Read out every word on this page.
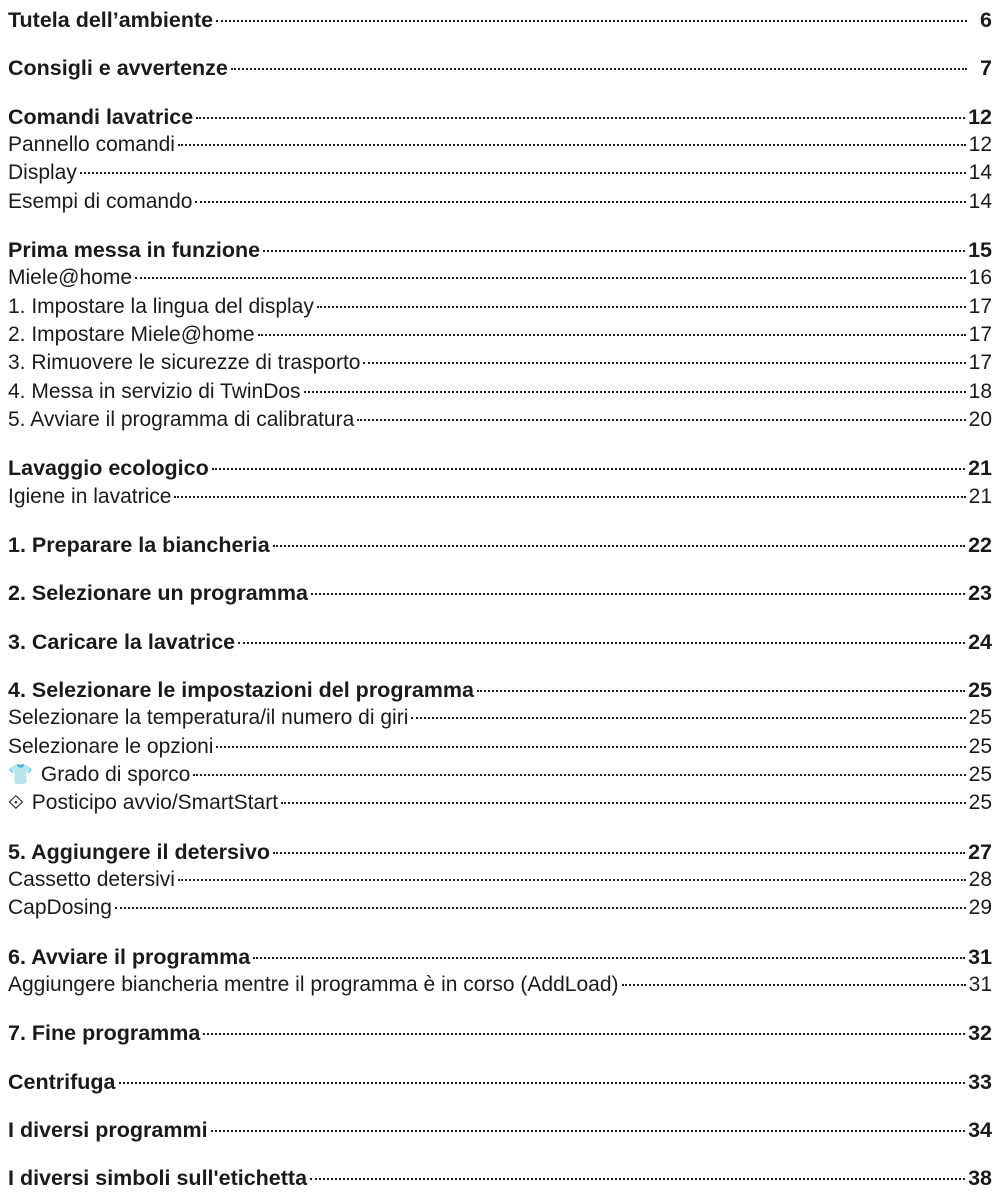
Tutela dell’ambiente	6
Consigli e avvertenze	7
Comandi lavatrice	12
Pannello comandi	12
Display	14
Esempi di comando	14
Prima messa in funzione	15
Miele@home	16
1. Impostare la lingua del display	17
2. Impostare Miele@home	17
3. Rimuovere le sicurezze di trasporto	17
4. Messa in servizio di TwinDos	18
5. Avviare il programma di calibratura	20
Lavaggio ecologico	21
Igiene in lavatrice	21
1. Preparare la biancheria	22
2. Selezionare un programma	23
3. Caricare la lavatrice	24
4. Selezionare le impostazioni del programma	25
Selezionare la temperatura/il numero di giri	25
Selezionare le opzioni	25
👕 Grado di sporco	25
⟐ Posticipo avvio/SmartStart	25
5. Aggiungere il detersivo	27
Cassetto detersivi	28
CapDosing	29
6. Avviare il programma	31
Aggiungere biancheria mentre il programma è in corso (AddLoad)	31
7. Fine programma	32
Centrifuga	33
I diversi programmi	34
I diversi simboli sull'etichetta	38
